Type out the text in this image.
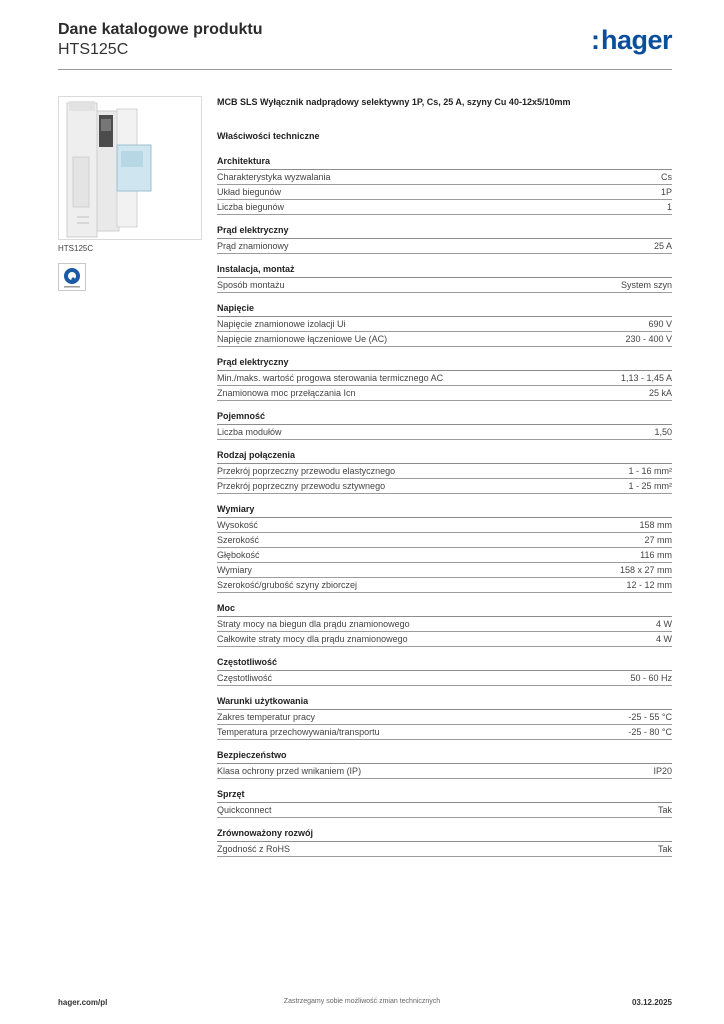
Dane katalogowe produktu
HTS125C	:hager
HTS125C
MCB SLS Wyłącznik nadprądowy selektywny 1P, Cs, 25 A, szyny Cu 40-12x5/10mm
Właściwości techniczne
Architektura
Charakterystyka wyzwalania	Cs
Układ biegunów	1P
Liczba biegunów	1
Prąd elektryczny
Prąd znamionowy	25 A
Instalacja, montaż
Sposób montażu	System szyn
Napięcie
Napięcie znamionowe izolacji Ui	690 V
Napięcie znamionowe łączeniowe Ue (AC)	230 - 400 V
Prąd elektryczny
Min./maks. wartość progowa sterowania termicznego AC	1,13 - 1,45 A
Znamionowa moc przełączania Icn	25 kA
Pojemność
Liczba modułów	1,50
Rodzaj połączenia
Przekrój poprzeczny przewodu elastycznego	1 - 16 mm²
Przekrój poprzeczny przewodu sztywnego	1 - 25 mm²
Wymiary
Wysokość	158 mm
Szerokość	27 mm
Głębokość	116 mm
Wymiary	158 x 27 mm
Szerokość/grubość szyny zbiorczej	12 - 12 mm
Moc
Straty mocy na biegun dla prądu znamionowego	4 W
Całkowite straty mocy dla prądu znamionowego	4 W
Częstotliwość
Częstotliwość	50 - 60 Hz
Warunki użytkowania
Zakres temperatur pracy	-25 - 55 °C
Temperatura przechowywania/transportu	-25 - 80 °C
Bezpieczeństwo
Klasa ochrony przed wnikaniem (IP)	IP20
Sprzęt
Quickconnect	Tak
Zrównoważony rozwój
Zgodność z RoHS	Tak
hager.com/pl	Zastrzegamy sobie możliwość zmian technicznych	03.12.2025
